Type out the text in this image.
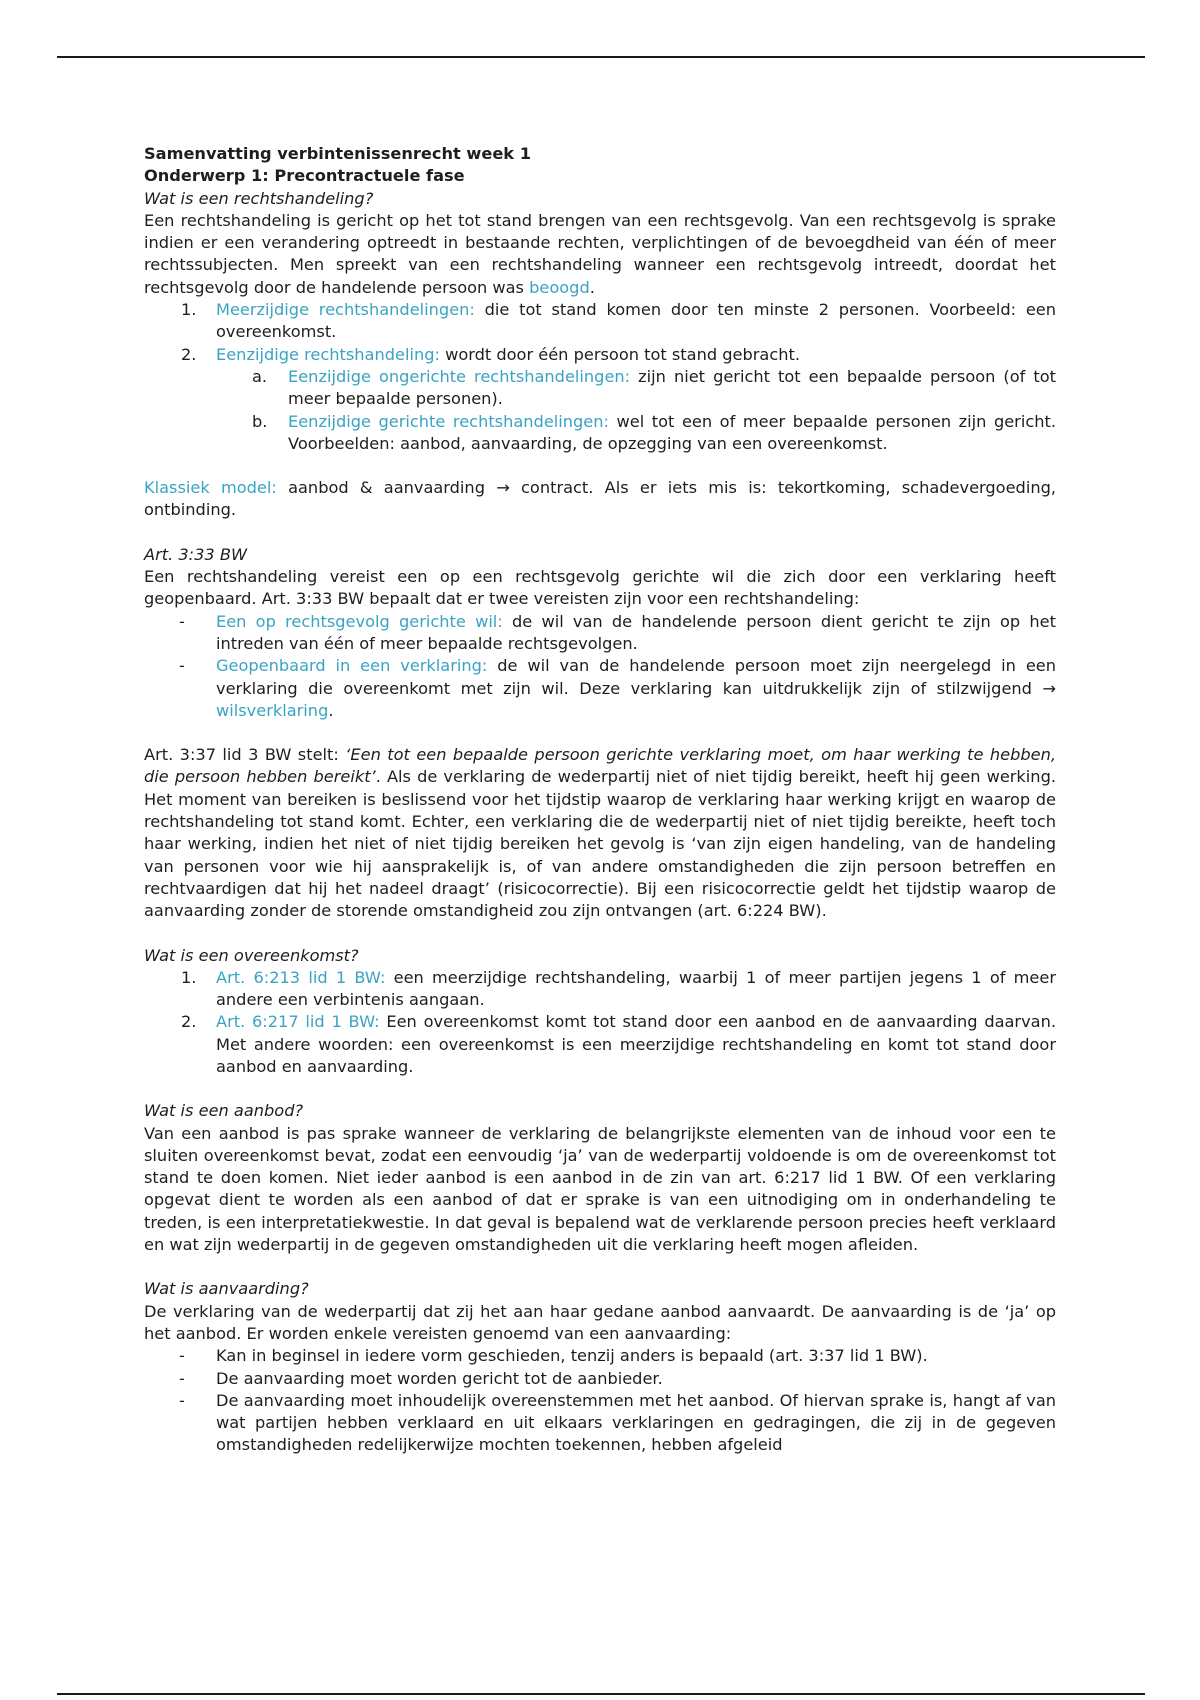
Samenvatting verbintenissenrecht week 1

Onderwerp 1: Precontractuele fase

Wat is een rechtshandeling?

Een rechtshandeling is gericht op het tot stand brengen van een rechtsgevolg. Van een rechtsgevolg is sprake indien er een verandering optreedt in bestaande rechten, verplichtingen of de bevoegdheid van één of meer rechtssubjecten. Men spreekt van een rechtshandeling wanneer een rechtsgevolg intreedt, doordat het rechtsgevolg door de handelende persoon was beoogd.

1. Meerzijdige rechtshandelingen: die tot stand komen door ten minste 2 personen. Voorbeeld: een overeenkomst.
2. Eenzijdige rechtshandeling: wordt door één persoon tot stand gebracht.
a. Eenzijdige ongerichte rechtshandelingen: zijn niet gericht tot een bepaalde persoon (of tot meer bepaalde personen).
b. Eenzijdige gerichte rechtshandelingen: wel tot een of meer bepaalde personen zijn gericht. Voorbeelden: aanbod, aanvaarding, de opzegging van een overeenkomst.

Klassiek model: aanbod & aanvaarding → contract. Als er iets mis is: tekortkoming, schadevergoeding, ontbinding.

Art. 3:33 BW

Een rechtshandeling vereist een op een rechtsgevolg gerichte wil die zich door een verklaring heeft geopenbaard. Art. 3:33 BW bepaalt dat er twee vereisten zijn voor een rechtshandeling:

- Een op rechtsgevolg gerichte wil: de wil van de handelende persoon dient gericht te zijn op het intreden van één of meer bepaalde rechtsgevolgen.
- Geopenbaard in een verklaring: de wil van de handelende persoon moet zijn neergelegd in een verklaring die overeenkomt met zijn wil. Deze verklaring kan uitdrukkelijk zijn of stilzwijgend → wilsverklaring.

Art. 3:37 lid 3 BW stelt: ‘Een tot een bepaalde persoon gerichte verklaring moet, om haar werking te hebben, die persoon hebben bereikt’. Als de verklaring de wederpartij niet of niet tijdig bereikt, heeft hij geen werking. Het moment van bereiken is beslissend voor het tijdstip waarop de verklaring haar werking krijgt en waarop de rechtshandeling tot stand komt. Echter, een verklaring die de wederpartij niet of niet tijdig bereikte, heeft toch haar werking, indien het niet of niet tijdig bereiken het gevolg is ‘van zijn eigen handeling, van de handeling van personen voor wie hij aansprakelijk is, of van andere omstandigheden die zijn persoon betreffen en rechtvaardigen dat hij het nadeel draagt’ (risicocorrectie). Bij een risicocorrectie geldt het tijdstip waarop de aanvaarding zonder de storende omstandigheid zou zijn ontvangen (art. 6:224 BW).

Wat is een overeenkomst?

1. Art. 6:213 lid 1 BW: een meerzijdige rechtshandeling, waarbij 1 of meer partijen jegens 1 of meer andere een verbintenis aangaan.
2. Art. 6:217 lid 1 BW: Een overeenkomst komt tot stand door een aanbod en de aanvaarding daarvan. Met andere woorden: een overeenkomst is een meerzijdige rechtshandeling en komt tot stand door aanbod en aanvaarding.

Wat is een aanbod?

Van een aanbod is pas sprake wanneer de verklaring de belangrijkste elementen van de inhoud voor een te sluiten overeenkomst bevat, zodat een eenvoudig ‘ja’ van de wederpartij voldoende is om de overeenkomst tot stand te doen komen. Niet ieder aanbod is een aanbod in de zin van art. 6:217 lid 1 BW. Of een verklaring opgevat dient te worden als een aanbod of dat er sprake is van een uitnodiging om in onderhandeling te treden, is een interpretatiekwestie. In dat geval is bepalend wat de verklarende persoon precies heeft verklaard en wat zijn wederpartij in de gegeven omstandigheden uit die verklaring heeft mogen afleiden.

Wat is aanvaarding?

De verklaring van de wederpartij dat zij het aan haar gedane aanbod aanvaardt. De aanvaarding is de ‘ja’ op het aanbod. Er worden enkele vereisten genoemd van een aanvaarding:

- Kan in beginsel in iedere vorm geschieden, tenzij anders is bepaald (art. 3:37 lid 1 BW).
- De aanvaarding moet worden gericht tot de aanbieder.
- De aanvaarding moet inhoudelijk overeenstemmen met het aanbod. Of hiervan sprake is, hangt af van wat partijen hebben verklaard en uit elkaars verklaringen en gedragingen, die zij in de gegeven omstandigheden redelijkerwijze mochten toekennen, hebben afgeleid
